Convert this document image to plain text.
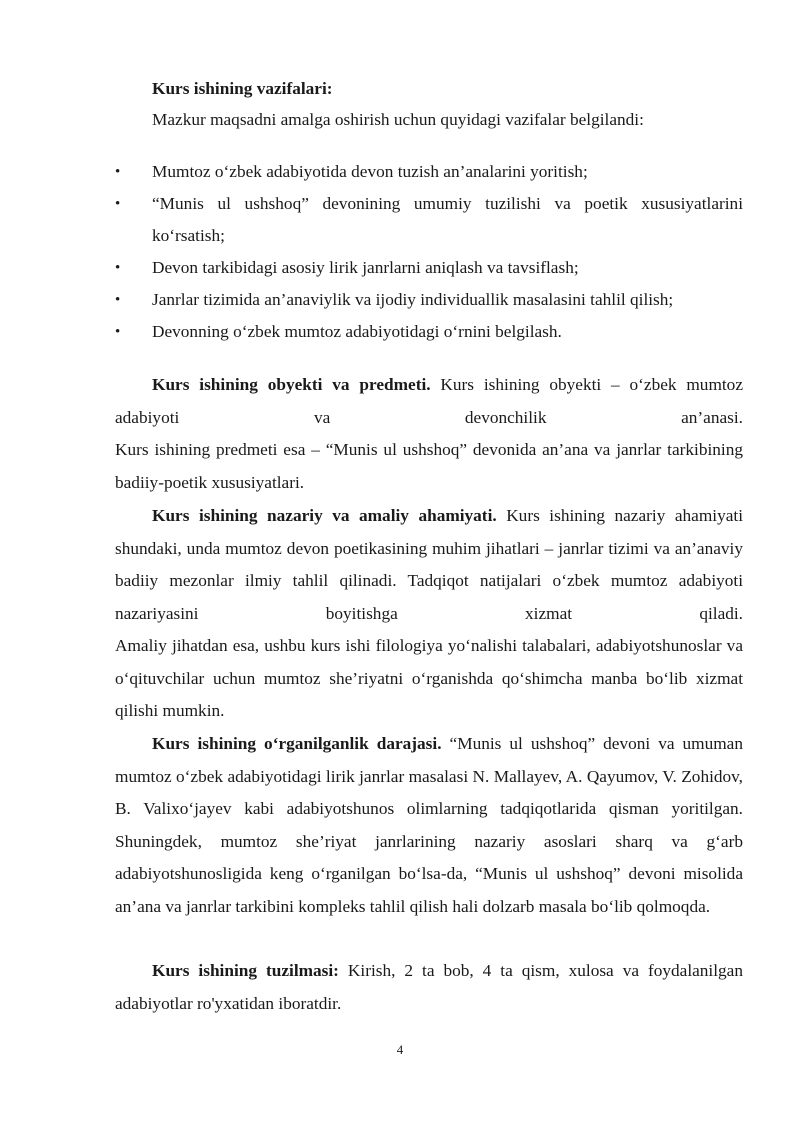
Kurs ishining vazifalari:
Mazkur maqsadni amalga oshirish uchun quyidagi vazifalar belgilandi:
• Mumtoz o‘zbek adabiyotida devon tuzish an’analarini yoritish;
• “Munis ul ushshoq” devonining umumiy tuzilishi va poetik xususiyatlarini ko‘rsatish;
• Devon tarkibidagi asosiy lirik janrlarni aniqlash va tavsiflash;
• Janrlar tizimida an’anaviylik va ijodiy individuallik masalasini tahlil qilish;
• Devonning o‘zbek mumtoz adabiyotidagi o‘rnini belgilash.
Kurs ishining obyekti va predmeti. Kurs ishining obyekti – o‘zbek mumtoz adabiyoti va devonchilik an’anasi.
Kurs ishining predmeti esa – “Munis ul ushshoq” devonida an’ana va janrlar tarkibining badiiy-poetik xususiyatlari.
Kurs ishining nazariy va amaliy ahamiyati. Kurs ishining nazariy ahamiyati shundaki, unda mumtoz devon poetikasining muhim jihatlari – janrlar tizimi va an’anaviy badiiy mezonlar ilmiy tahlil qilinadi. Tadqiqot natijalari o‘zbek mumtoz adabiyoti nazariyasini boyitishga xizmat qiladi.
Amaliy jihatdan esa, ushbu kurs ishi filologiya yo‘nalishi talabalari, adabiyotshunoslar va o‘qituvchilar uchun mumtoz she’riyatni o‘rganishda qo‘shimcha manba bo‘lib xizmat qilishi mumkin.
Kurs ishining o‘rganilganlik darajasi. “Munis ul ushshoq” devoni va umuman mumtoz o‘zbek adabiyotidagi lirik janrlar masalasi N. Mallayev, A. Qayumov, V. Zohidov, B. Valixo‘jayev kabi adabiyotshunos olimlarning tadqiqotlarida qisman yoritilgan. Shuningdek, mumtoz she’riyat janrlarining nazariy asoslari sharq va g‘arb adabiyotshunosligida keng o‘rganilgan bo‘lsa-da, “Munis ul ushshoq” devoni misolida an’ana va janrlar tarkibini kompleks tahlil qilish hali dolzarb masala bo‘lib qolmoqda.
Kurs ishining tuzilmasi: Kirish, 2 ta bob, 4 ta qism, xulosa va foydalanilgan adabiyotlar ro'yxatidan iboratdir.
4
